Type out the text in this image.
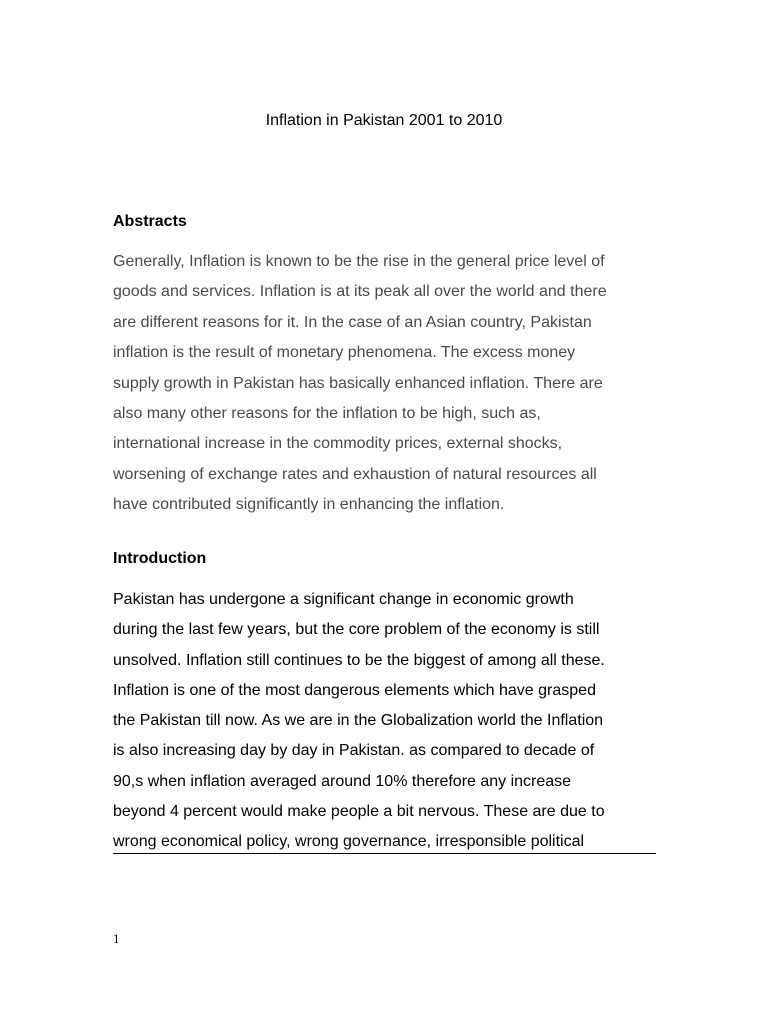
Inflation in Pakistan 2001 to 2010
Abstracts
Generally, Inflation is known to be the rise in the general price level of
goods and services. Inflation is at its peak all over the world and there
are different reasons for it. In the case of an Asian country, Pakistan
inflation is the result of monetary phenomena. The excess money
supply growth in Pakistan has basically enhanced inflation. There are
also many other reasons for the inflation to be high, such as,
international increase in the commodity prices, external shocks,
worsening of exchange rates and exhaustion of natural resources all
have contributed significantly in enhancing the inflation.
Introduction
Pakistan has undergone a significant change in economic growth
during the last few years, but the core problem of the economy is still
unsolved. Inflation still continues to be the biggest of among all these.
Inflation is one of the most dangerous elements which have grasped
the Pakistan till now. As we are in the Globalization world the Inflation
is also increasing day by day in Pakistan. as compared to decade of
90,s when inflation averaged around 10% therefore any increase
beyond 4 percent would make people a bit nervous. These are due to
wrong economical policy, wrong governance, irresponsible political
1
